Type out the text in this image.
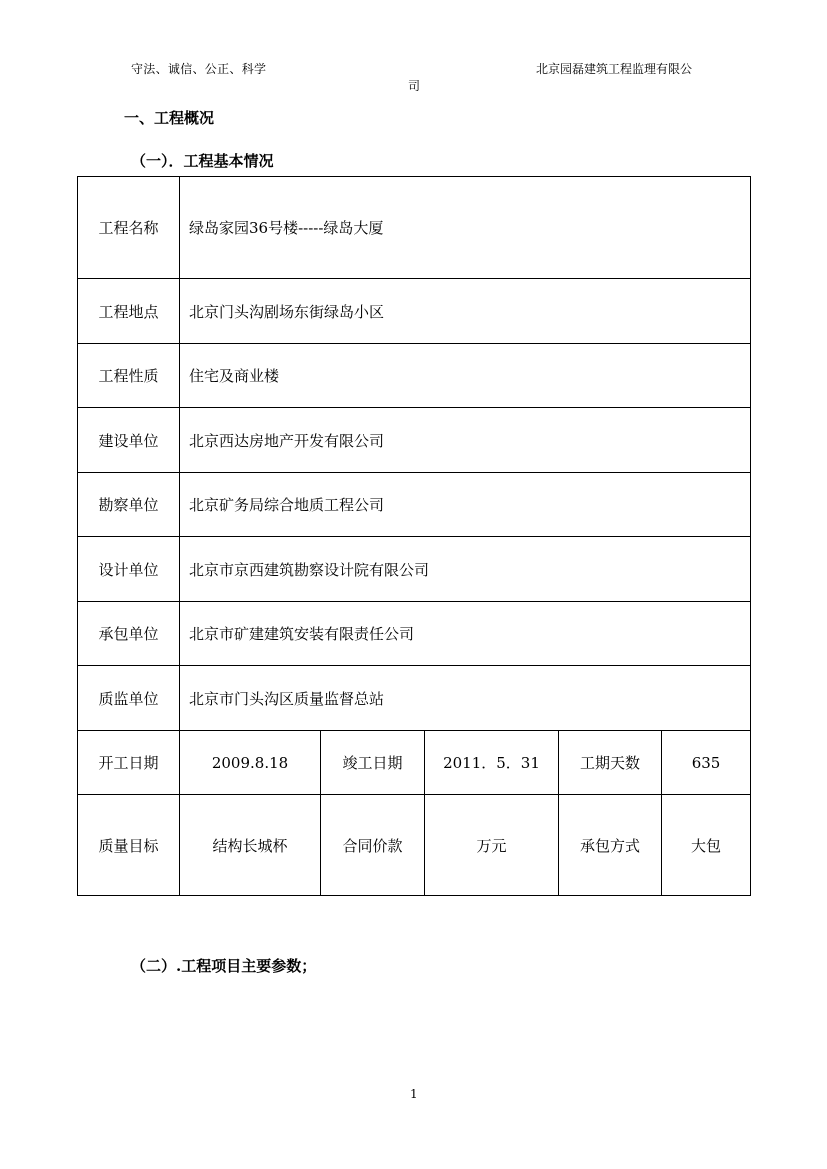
守法、诚信、公正、科学	北京园磊建筑工程监理有限公
司
一、工程概况
（一）．工程基本情况
工程名称	绿岛家园36号楼-----绿岛大厦				
工程地点	北京门头沟剧场东街绿岛小区				
工程性质	住宅及商业楼				
建设单位	北京西达房地产开发有限公司				
勘察单位	北京矿务局综合地质工程公司				
设计单位	北京市京西建筑勘察设计院有限公司				
承包单位	北京市矿建建筑安装有限责任公司				
质监单位	北京市门头沟区质量监督总站				
开工日期	2009.8.18	竣工日期	2011．5．31	工期天数	635
质量目标	结构长城杯	合同价款	万元	承包方式	大包
（二）.工程项目主要参数；
1
